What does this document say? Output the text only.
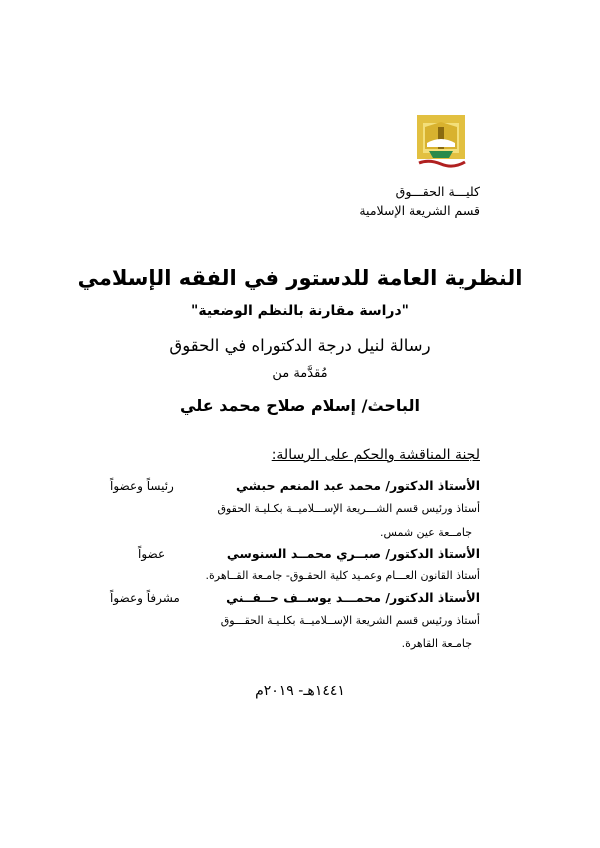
كليـــة الحقـــوق
قسم الشريعة الإسلامية
النظرية العامة للدستور في الفقه الإسلامي
"دراسة مقارنة بالنظم الوضعية"
رسالة لنيل درجة الدكتوراه في الحقوق
مُقدَّمة من
الباحث/ إسلام صلاح محمد علي
لجنة المناقشة والحكم على الرسالة:
الأستاذ الدكتور/ محمد عبد المنعم حبشي
رئيساً وعضواً
أستاذ ورئيس قسم الشـــريعة الإســـلاميــة بكـليـة الحقوق
جامــعة عين شمس.
الأستاذ الدكتور/ صبــري محمــد السنوسي
عضواً
أستاذ القانون العـــام وعمـيد كلية الحقـوق- جامـعة القــاهرة.
الأستاذ الدكتور/ محمـــد يوســف حــفــني
مشرفاً وعضواً
أستاذ ورئيس قسم الشريعة الإســلاميــة بكلـيـة الحقـــوق
جامـعة القاهرة.
١٤٤١هـ- ٢٠١٩م
